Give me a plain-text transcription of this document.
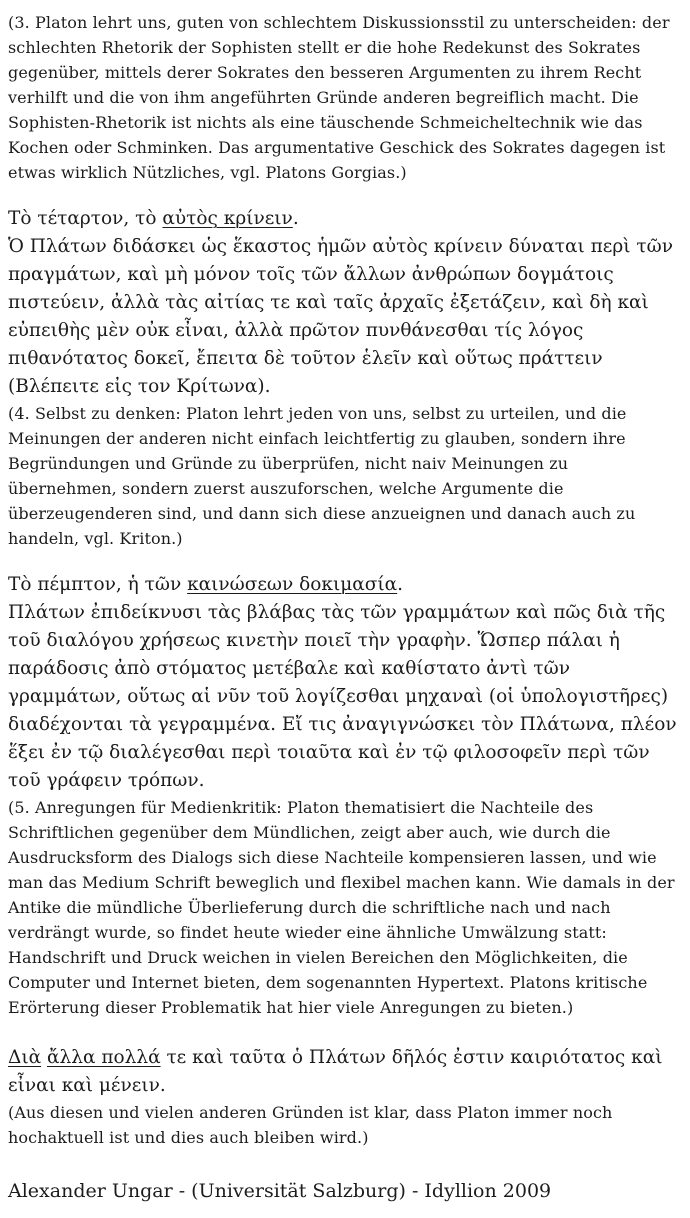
(3. Platon lehrt uns, guten von schlechtem Diskussionsstil zu unterscheiden: der schlechten Rhetorik der Sophisten stellt er die hohe Redekunst des Sokrates gegenüber, mittels derer Sokrates den besseren Argumenten zu ihrem Recht verhilft und die von ihm angeführten Gründe anderen begreiflich macht. Die Sophisten-Rhetorik ist nichts als eine täuschende Schmeicheltechnik wie das Kochen oder Schminken. Das argumentative Geschick des Sokrates dagegen ist etwas wirklich Nützliches, vgl. Platons Gorgias.)

Τὸ τέταρτον, τὸ αὐτὸς κρίνειν.

Ὁ Πλάτων διδάσκει ὡς ἕκαστος ἡμῶν αὐτὸς κρίνειν δύναται περὶ τῶν πραγμάτων, καὶ μὴ μόνον τοῖς τῶν ἄλλων ἀνθρώπων δογμάτοις πιστεύειν, ἀλλὰ τὰς αἰτίας τε καὶ ταῖς ἀρχαῖς ἐξετάζειν, καὶ δὴ καὶ εὐπειθὴς μὲν οὐκ εἶναι, ἀλλὰ πρῶτον πυνθάνεσθαι τίς λόγος πιθανότατος δοκεῖ, ἔπειτα δὲ τοῦτον ἑλεῖν καὶ οὕτως πράττειν (Βλέπειτε εἰς τον Κρίτωνα).

(4. Selbst zu denken: Platon lehrt jeden von uns, selbst zu urteilen, und die Meinungen der anderen nicht einfach leichtfertig zu glauben, sondern ihre Begründungen und Gründe zu überprüfen, nicht naiv Meinungen zu übernehmen, sondern zuerst auszuforschen, welche Argumente die überzeugenderen sind, und dann sich diese anzueignen und danach auch zu handeln, vgl. Kriton.)

Τὸ πέμπτον, ἡ τῶν καινώσεων δοκιμασία.

Πλάτων ἐπιδείκνυσι τὰς βλάβας τὰς τῶν γραμμάτων καὶ πῶς διὰ τῆς τοῦ διαλόγου χρήσεως κινετὴν ποιεῖ τὴν γραφὴν. Ὥσπερ πάλαι ἡ παράδοσις ἀπὸ στόματος μετέβαλε καὶ καθίστατο ἀντὶ τῶν γραμμάτων, οὕτως αἱ νῦν τοῦ λογίζεσθαι μηχαναὶ (οἱ ὑπολογιστῆρες) διαδέχονται τὰ γεγραμμένα. Εἴ τις ἀναγιγνώσκει τὸν Πλάτωνα, πλέον ἕξει ἐν τῷ διαλέγεσθαι περὶ τοιαῦτα καὶ ἐν τῷ φιλοσοφεῖν περὶ τῶν τοῦ γράφειν τρόπων.

(5. Anregungen für Medienkritik: Platon thematisiert die Nachteile des Schriftlichen gegenüber dem Mündlichen, zeigt aber auch, wie durch die Ausdrucksform des Dialogs sich diese Nachteile kompensieren lassen, und wie man das Medium Schrift beweglich und flexibel machen kann. Wie damals in der Antike die mündliche Überlieferung durch die schriftliche nach und nach verdrängt wurde, so findet heute wieder eine ähnliche Umwälzung statt: Handschrift und Druck weichen in vielen Bereichen den Möglichkeiten, die Computer und Internet bieten, dem sogenannten Hypertext. Platons kritische Erörterung dieser Problematik hat hier viele Anregungen zu bieten.)

Διὰ ἄλλα πολλά τε καὶ ταῦτα ὁ Πλάτων δῆλός ἐστιν καιριότατος καὶ εἶναι καὶ μένειν.

(Aus diesen und vielen anderen Gründen ist klar, dass Platon immer noch hochaktuell ist und dies auch bleiben wird.)

Alexander Ungar - (Universität Salzburg) - Idyllion 2009
